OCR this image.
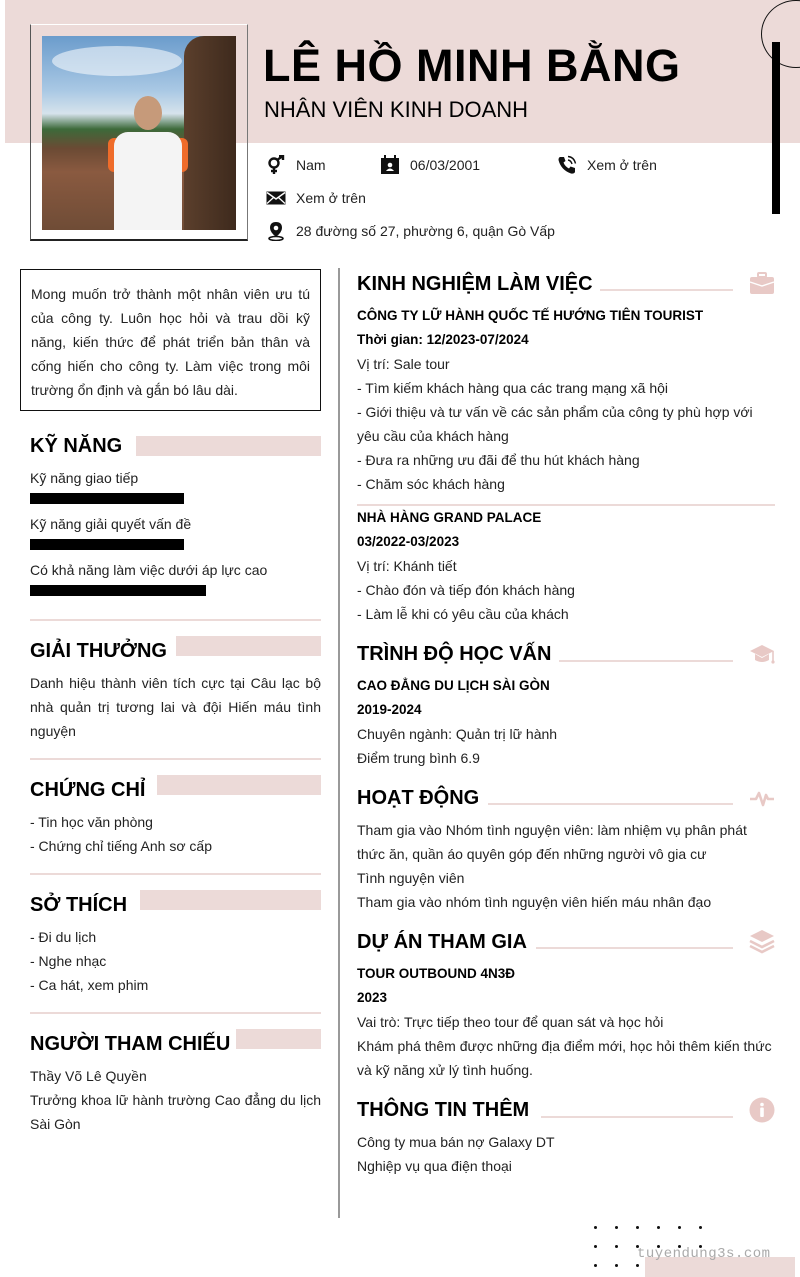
LÊ HỒ MINH BẰNG
NHÂN VIÊN KINH DOANH
Nam	06/03/2001	Xem ở trên
Xem ở trên
28 đường số 27, phường 6, quận Gò Vấp
Mong muốn trở thành một nhân viên ưu tú của công ty. Luôn học hỏi và trau dồi kỹ năng, kiến thức để phát triển bản thân và cống hiến cho công ty. Làm việc trong môi trường ổn định và gắn bó lâu dài.
KỸ NĂNG
Kỹ năng giao tiếp
Kỹ năng giải quyết vấn đề
Có khả năng làm việc dưới áp lực cao
GIẢI THƯỞNG
Danh hiệu thành viên tích cực tại Câu lạc bộ nhà quản trị tương lai và đội Hiến máu tình nguyện
CHỨNG CHỈ
- Tin học văn phòng
- Chứng chỉ tiếng Anh sơ cấp
SỞ THÍCH
- Đi du lịch
- Nghe nhạc
- Ca hát, xem phim
NGƯỜI THAM CHIẾU
Thầy Võ Lê Quyền
Trưởng khoa lữ hành trường Cao đẳng du lịch Sài Gòn
KINH NGHIỆM LÀM VIỆC
CÔNG TY LỮ HÀNH QUỐC TẾ HƯỚNG TIÊN TOURIST
Thời gian: 12/2023-07/2024
Vị trí: Sale tour
- Tìm kiếm khách hàng qua các trang mạng xã hội
- Giới thiệu và tư vấn về các sản phẩm của công ty phù hợp với yêu cầu của khách hàng
- Đưa ra những ưu đãi để thu hút khách hàng
- Chăm sóc khách hàng
NHÀ HÀNG GRAND PALACE
03/2022-03/2023
Vị trí: Khánh tiết
- Chào đón và tiếp đón khách hàng
- Làm lễ khi có yêu cầu của khách
TRÌNH ĐỘ HỌC VẤN
CAO ĐẲNG DU LỊCH SÀI GÒN
2019-2024
Chuyên ngành: Quản trị lữ hành
Điểm trung bình 6.9
HOẠT ĐỘNG
Tham gia vào Nhóm tình nguyện viên: làm nhiệm vụ phân phát thức ăn, quần áo quyên góp đến những người vô gia cư
Tình nguyện viên
Tham gia vào nhóm tình nguyện viên hiến máu nhân đạo
DỰ ÁN THAM GIA
TOUR OUTBOUND 4N3Đ
2023
Vai trò: Trực tiếp theo tour để quan sát và học hỏi
Khám phá thêm được những địa điểm mới, học hỏi thêm kiến thức và kỹ năng xử lý tình huống.
THÔNG TIN THÊM
Công ty mua bán nợ Galaxy DT
Nghiệp vụ qua điện thoại
tuyendung3s.com
